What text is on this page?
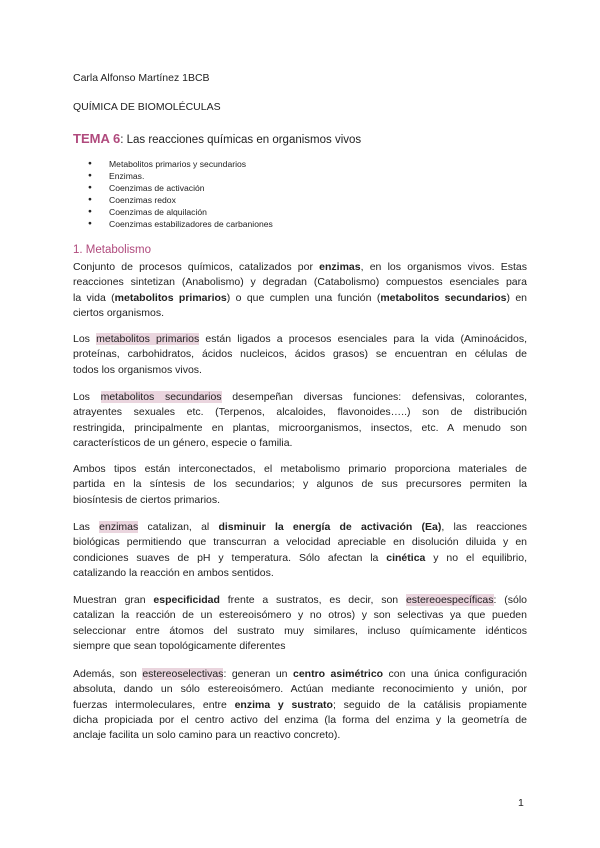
Carla Alfonso Martínez 1BCB
QUÍMICA DE BIOMOLÉCULAS
TEMA 6: Las reacciones químicas en organismos vivos
● Metabolitos primarios y secundarios
● Enzimas.
● Coenzimas de activación
● Coenzimas redox
● Coenzimas de alquilación
● Coenzimas estabilizadores de carbaniones
1. Metabolismo
Conjunto de procesos químicos, catalizados por enzimas, en los organismos vivos. Estas
reacciones sintetizan (Anabolismo) y degradan (Catabolismo) compuestos esenciales para
la vida (metabolitos primarios) o que cumplen una función (metabolitos secundarios) en
ciertos organismos.
Los metabolitos primarios están ligados a procesos esenciales para la vida (Aminoácidos,
proteínas, carbohidratos, ácidos nucleicos, ácidos grasos) se encuentran en células de
todos los organismos vivos.
Los metabolitos secundarios desempeñan diversas funciones: defensivas, colorantes,
atrayentes sexuales etc. (Terpenos, alcaloides, flavonoides…..) son de distribución
restringida, principalmente en plantas, microorganismos, insectos, etc. A menudo son
característicos de un género, especie o familia.
Ambos tipos están interconectados, el metabolismo primario proporciona materiales de
partida en la síntesis de los secundarios; y algunos de sus precursores permiten la
biosíntesis de ciertos primarios.
Las enzimas catalizan, al disminuir la energía de activación (Ea), las reacciones
biológicas permitiendo que transcurran a velocidad apreciable en disolución diluida y en
condiciones suaves de pH y temperatura. Sólo afectan la cinética y no el equilibrio,
catalizando la reacción en ambos sentidos.
Muestran gran especificidad frente a sustratos, es decir, son estereoespecíficas: (sólo
catalizan la reacción de un estereoisómero y no otros) y son selectivas ya que pueden
seleccionar entre átomos del sustrato muy similares, incluso químicamente idénticos
siempre que sean topológicamente diferentes
Además, son estereoselectivas: generan un centro asimétrico con una única configuración
absoluta, dando un sólo estereoisómero. Actúan mediante reconocimiento y unión, por
fuerzas intermoleculares, entre enzima y sustrato; seguido de la catálisis propiamente
dicha propiciada por el centro activo del enzima (la forma del enzima y la geometría de
anclaje facilita un solo camino para un reactivo concreto).
1
